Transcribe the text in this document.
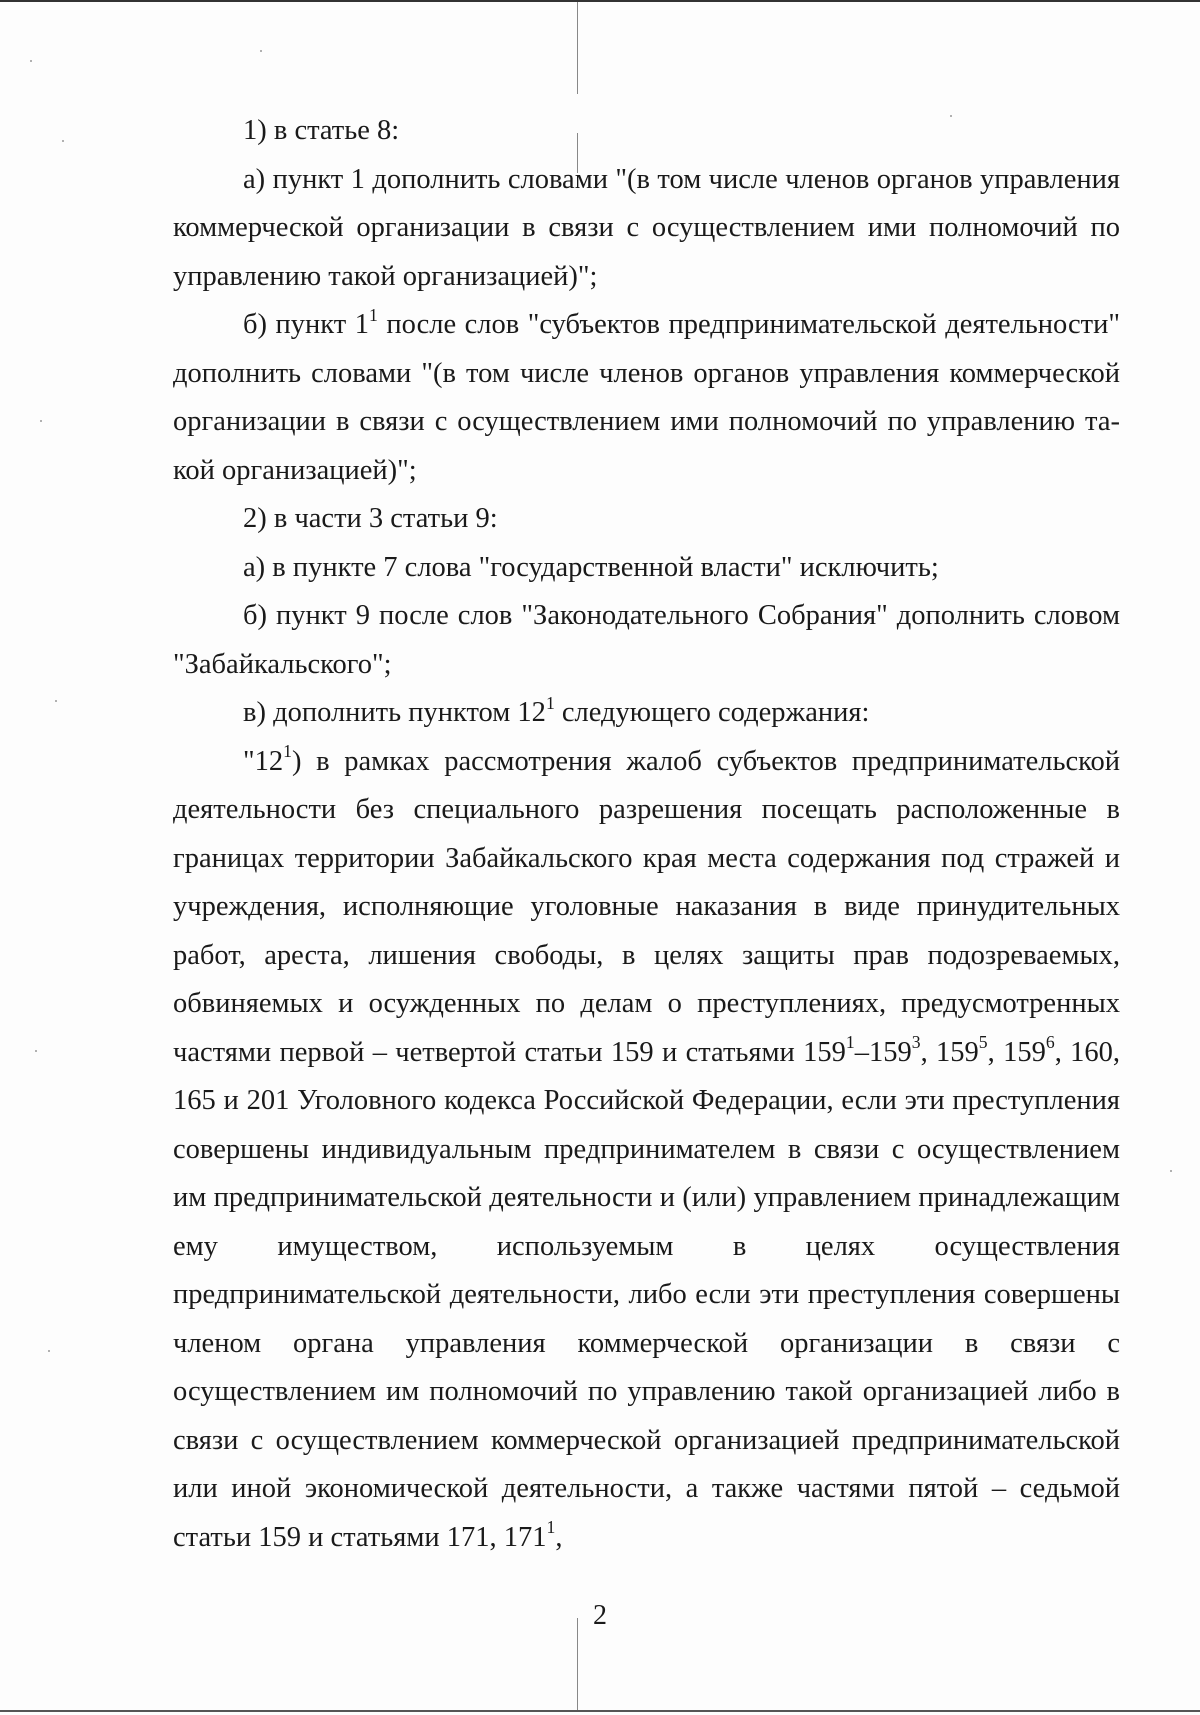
1) в статье 8:

а) пункт 1 дополнить словами "(в том числе членов органов управления коммерческой организации в связи с осуществлением ими полномочий по управлению такой организацией)";

б) пункт $1^1$ после слов "субъектов предпринимательской деятельности" дополнить словами "(в том числе членов органов управления коммерческой организации в связи с осуществлением ими полномочий по управлению такой организацией)";

2) в части 3 статьи 9:

а) в пункте 7 слова "государственной власти" исключить;

б) пункт 9 после слов "Законодательного Собрания" дополнить словом "Забайкальского";

в) дополнить пунктом $12^1$ следующего содержания:

"$12^1$) в рамках рассмотрения жалоб субъектов предпринимательской деятельности без специального разрешения посещать расположенные в границах территории Забайкальского края места содержания под стражей и учреждения, исполняющие уголовные наказания в виде принудительных работ, ареста, лишения свободы, в целях защиты прав подозреваемых, обвиняемых и осужденных по делам о преступлениях, предусмотренных частями первой – четвертой статьи 159 и статьями $159^1-159^3$, $159^5$, $159^6$, 160, 165 и 201 Уголовного кодекса Российской Федерации, если эти преступления совершены индивидуальным предпринимателем в связи с осуществлением им предпринимательской деятельности и (или) управлением принадлежащим ему имуществом, используемым в целях осуществления предпринимательской деятельности, либо если эти преступления совершены членом органа управления коммерческой организации в связи с осуществлением им полномочий по управлению такой организацией либо в связи с осуществлением коммерческой организацией предпринимательской или иной экономической деятельности, а также частями пятой – седьмой статьи 159 и статьями 171, $171^1$,

2
